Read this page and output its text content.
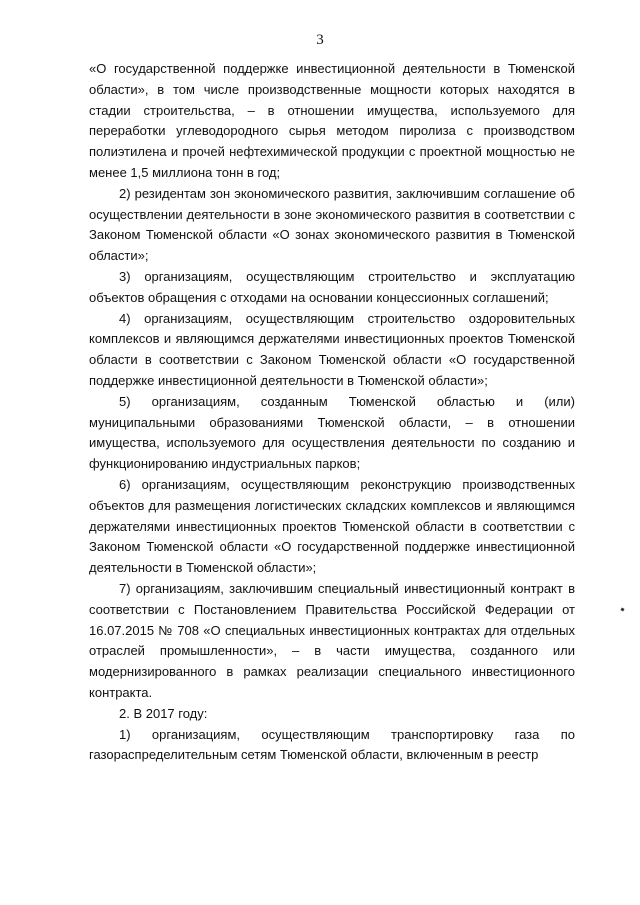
3

«О государственной поддержке инвестиционной деятельности в Тюменской области», в том числе производственные мощности которых находятся в стадии строительства, – в отношении имущества, используемого для переработки углеводородного сырья методом пиролиза с производством полиэтилена и прочей нефтехимической продукции с проектной мощностью не менее 1,5 миллиона тонн в год;

2) резидентам зон экономического развития, заключившим соглашение об осуществлении деятельности в зоне экономического развития в соответствии с Законом Тюменской области «О зонах экономического развития в Тюменской области»;

3) организациям, осуществляющим строительство и эксплуатацию объектов обращения с отходами на основании концессионных соглашений;

4) организациям, осуществляющим строительство оздоровительных комплексов и являющимся держателями инвестиционных проектов Тюменской области в соответствии с Законом Тюменской области «О государственной поддержке инвестиционной деятельности в Тюменской области»;

5) организациям, созданным Тюменской областью и (или) муниципальными образованиями Тюменской области, – в отношении имущества, используемого для осуществления деятельности по созданию и функционированию индустриальных парков;

6) организациям, осуществляющим реконструкцию производственных объектов для размещения логистических складских комплексов и являющимся держателями инвестиционных проектов Тюменской области в соответствии с Законом Тюменской области «О государственной поддержке инвестиционной деятельности в Тюменской области»;

7) организациям, заключившим специальный инвестиционный контракт в соответствии с Постановлением Правительства Российской Федерации от 16.07.2015 № 708 «О специальных инвестиционных контрактах для отдельных отраслей промышленности», – в части имущества, созданного или модернизированного в рамках реализации специального инвестиционного контракта.

2. В 2017 году:

1) организациям, осуществляющим транспортировку газа по газораспределительным сетям Тюменской области, включенным в реестр
